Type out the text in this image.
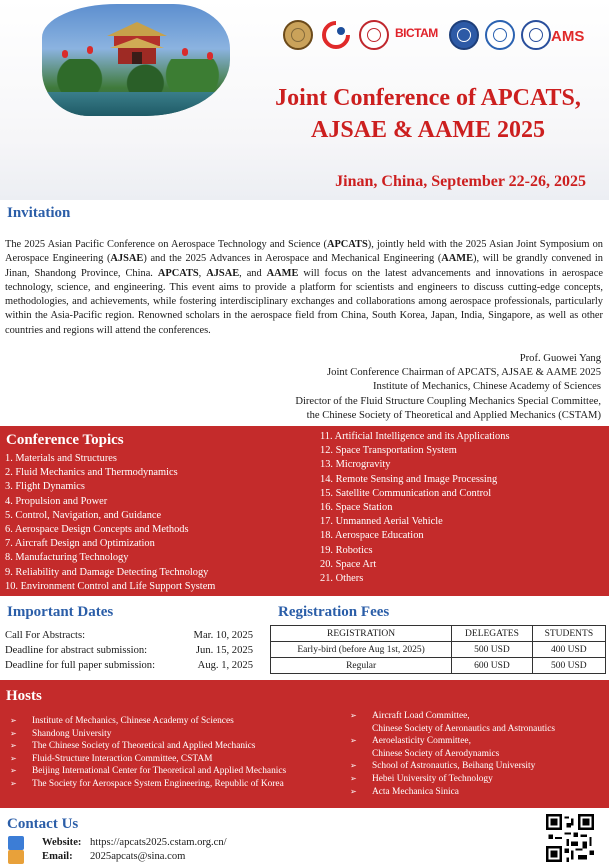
BICTAM	AMS
Joint Conference of APCATS,
AJSAE & AAME 2025
Jinan, China, September 22-26, 2025
Invitation

The 2025 Asian Pacific Conference on Aerospace Technology and Science (APCATS), jointly held with the 2025 Asian Joint Symposium on Aerospace Engineering (AJSAE) and the 2025 Advances in Aerospace and Mechanical Engineering (AAME), will be grandly convened in Jinan, Shandong Province, China. APCATS, AJSAE, and AAME will focus on the latest advancements and innovations in aerospace technology, science, and engineering. This event aims to provide a platform for scientists and engineers to discuss cutting-edge concepts, methodologies, and achievements, while fostering interdisciplinary exchanges and collaborations among aerospace professionals, particularly within the Asia-Pacific region. Renowned scholars in the aerospace field from China, South Korea, Japan, India, Singapore, as well as other countries and regions will attend the conferences.

Prof. Guowei Yang
Joint Conference Chairman of APCATS, AJSAE & AAME 2025
Institute of Mechanics, Chinese Academy of Sciences
Director of the Fluid Structure Coupling Mechanics Special Committee,
the Chinese Society of Theoretical and Applied Mechanics (CSTAM)
Conference Topics
1. Materials and Structures
2. Fluid Mechanics and Thermodynamics
3. Flight Dynamics
4. Propulsion and Power
5. Control, Navigation, and Guidance
6. Aerospace Design Concepts and Methods
7. Aircraft Design and Optimization
8. Manufacturing Technology
9. Reliability and Damage Detecting Technology
10. Environment Control and Life Support System
11. Artificial Intelligence and its Applications
12. Space Transportation System
13. Microgravity
14. Remote Sensing and Image Processing
15. Satellite Communication and Control
16. Space Station
17. Unmanned Aerial Vehicle
18. Aerospace Education
19. Robotics
20. Space Art
21. Others
Important Dates
Call For Abstracts:	Mar. 10, 2025
Deadline for abstract submission:	Jun. 15, 2025
Deadline for full paper submission:	Aug. 1, 2025
Registration Fees
REGISTRATION	DELEGATES	STUDENTS
Early-bird (before Aug 1st, 2025)	500 USD	400 USD
Regular	600 USD	500 USD
Hosts
➢ Institute of Mechanics, Chinese Academy of Sciences
➢ Shandong University
➢ The Chinese Society of Theoretical and Applied Mechanics
➢ Fluid-Structure Interaction Committee, CSTAM
➢ Beijing International Center for Theoretical and Applied Mechanics
➢ The Society for Aerospace System Engineering, Republic of Korea
➢ Aircraft Load Committee,
Chinese Society of Aeronautics and Astronautics
➢ Aeroelasticity Committee,
Chinese Society of Aerodynamics
➢ School of Astronautics, Beihang University
➢ Hebei University of Technology
➢ Acta Mechanica Sinica
Contact Us
Website: https://apcats2025.cstam.org.cn/
Email: 2025apcats@sina.com
